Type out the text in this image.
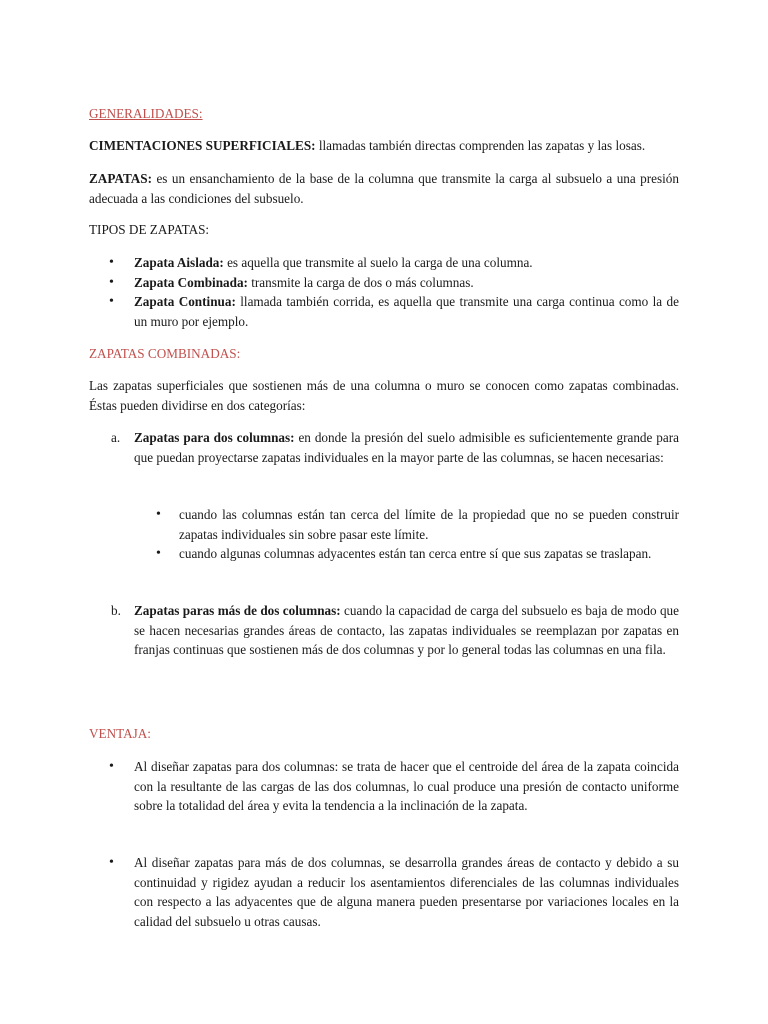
GENERALIDADES:

CIMENTACIONES SUPERFICIALES: llamadas también directas comprenden las zapatas y las losas.

ZAPATAS: es un ensanchamiento de la base de la columna que transmite la carga al subsuelo a una presión adecuada a las condiciones del subsuelo.

TIPOS DE ZAPATAS:

• Zapata Aislada: es aquella que transmite al suelo la carga de una columna.
• Zapata Combinada: transmite la carga de dos o más columnas.
• Zapata Continua: llamada también corrida, es aquella que transmite una carga continua como la de un muro por ejemplo.

ZAPATAS COMBINADAS:

Las zapatas superficiales que sostienen más de una columna o muro se conocen como zapatas combinadas. Éstas pueden dividirse en dos categorías:

a.	Zapatas para dos columnas: en donde la presión del suelo admisible es suficientemente grande para que puedan proyectarse zapatas individuales en la mayor parte de las columnas, se hacen necesarias:
• cuando las columnas están tan cerca del límite de la propiedad que no se pueden construir zapatas individuales sin sobre pasar este límite.
• cuando algunas columnas adyacentes están tan cerca entre sí que sus zapatas se traslapan.
b. Zapatas paras más de dos columnas: cuando la capacidad de carga del subsuelo es baja de modo que se hacen necesarias grandes áreas de contacto, las zapatas individuales se reemplazan por zapatas en franjas continuas que sostienen más de dos columnas y por lo general todas las columnas en una fila.

VENTAJA:

• Al diseñar zapatas para dos columnas: se trata de hacer que el centroide del área de la zapata coincida con la resultante de las cargas de las dos columnas, lo cual produce una presión de contacto uniforme sobre la totalidad del área y evita la tendencia a la inclinación de la zapata.
• Al diseñar zapatas para más de dos columnas, se desarrolla grandes áreas de contacto y debido a su continuidad y rigidez ayudan a reducir los asentamientos diferenciales de las columnas individuales con respecto a las adyacentes que de alguna manera pueden presentarse por variaciones locales en la calidad del subsuelo u otras causas.
